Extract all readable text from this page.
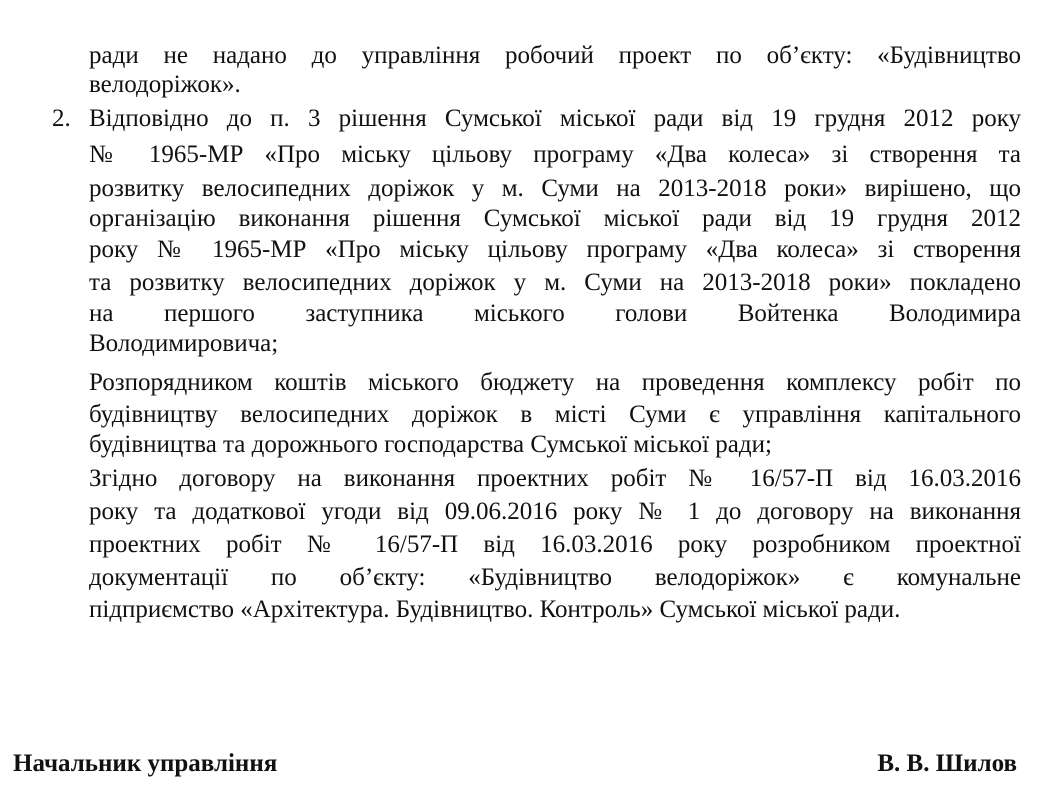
ради не надано до управління робочий проект по об’єкту: «Будівництво
велодоріжок».
2. Відповідно до п. 3 рішення Сумської міської ради від 19 грудня 2012 року
№ 1965-МР «Про міську цільову програму «Два колеса» зі створення та
розвитку велосипедних доріжок у м. Суми на 2013-2018 роки» вирішено, що
організацію виконання рішення Сумської міської ради від 19 грудня 2012
року № 1965-МР «Про міську цільову програму «Два колеса» зі створення
та розвитку велосипедних доріжок у м. Суми на 2013-2018 роки» покладено
на першого заступника міського голови Войтенка Володимира
Володимировича;
Розпорядником коштів міського бюджету на проведення комплексу робіт по
будівництву велосипедних доріжок в місті Суми є управління капітального
будівництва та дорожнього господарства Сумської міської ради;
Згідно договору на виконання проектних робіт № 16/57-П від 16.03.2016
року та додаткової угоди від 09.06.2016 року № 1 до договору на виконання
проектних робіт № 16/57-П від 16.03.2016 року розробником проектної
документації по об’єкту: «Будівництво велодоріжок» є комунальне
підприємство «Архітектура. Будівництво. Контроль» Сумської міської ради.
Начальник управління	В. В. Шилов
